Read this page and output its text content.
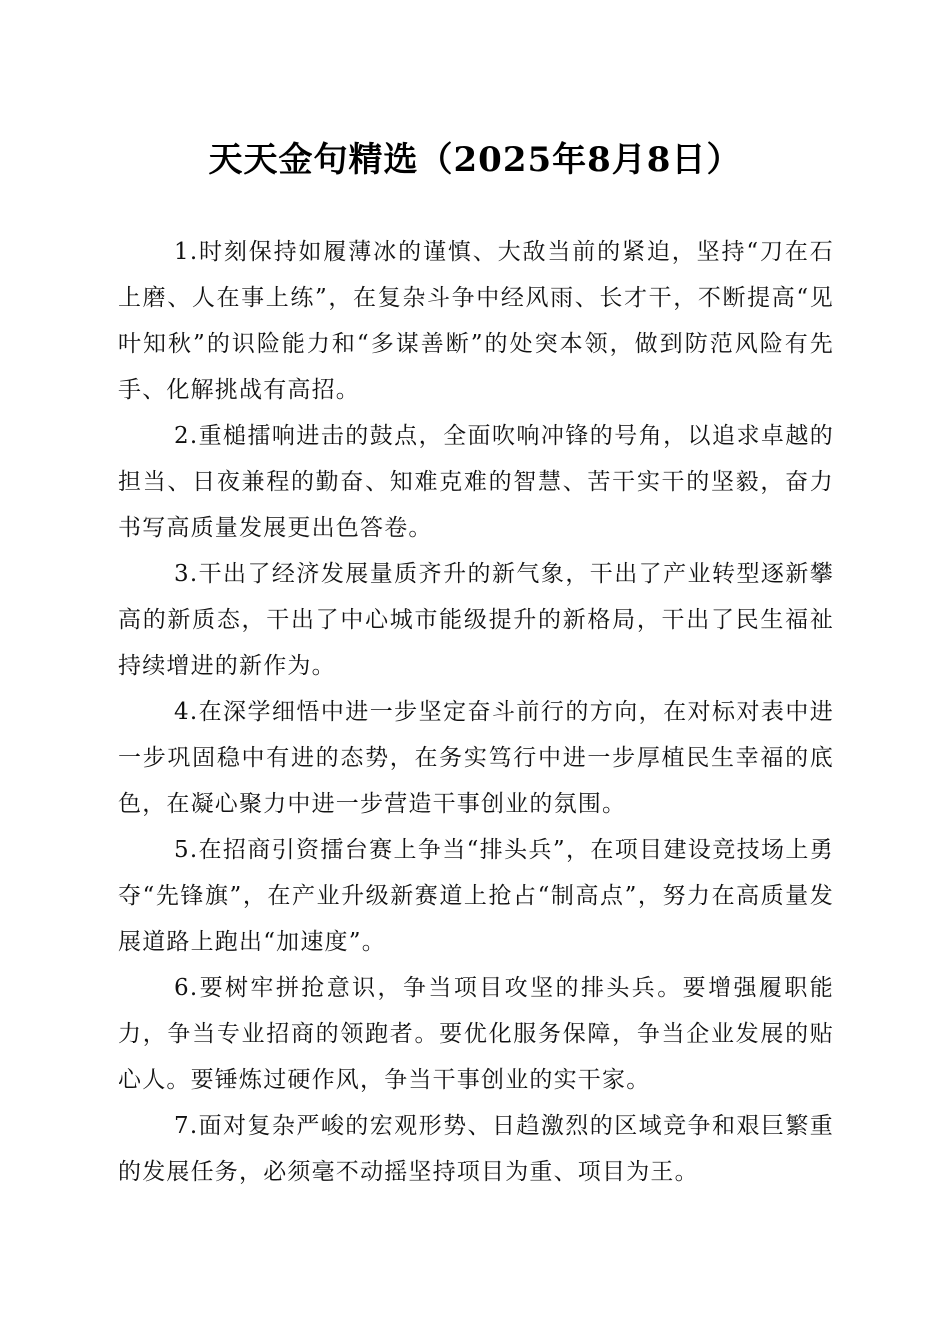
天天金句精选（2025年8月8日）

1.时刻保持如履薄冰的谨慎、大敌当前的紧迫，坚持“刀在石上磨、人在事上练”，在复杂斗争中经风雨、长才干，不断提高“见叶知秋”的识险能力和“多谋善断”的处突本领，做到防范风险有先手、化解挑战有高招。

2.重槌擂响进击的鼓点，全面吹响冲锋的号角，以追求卓越的担当、日夜兼程的勤奋、知难克难的智慧、苦干实干的坚毅，奋力书写高质量发展更出色答卷。

3.干出了经济发展量质齐升的新气象，干出了产业转型逐新攀高的新质态，干出了中心城市能级提升的新格局，干出了民生福祉持续增进的新作为。

4.在深学细悟中进一步坚定奋斗前行的方向，在对标对表中进一步巩固稳中有进的态势，在务实笃行中进一步厚植民生幸福的底色，在凝心聚力中进一步营造干事创业的氛围。

5.在招商引资擂台赛上争当“排头兵”，在项目建设竞技场上勇夺“先锋旗”，在产业升级新赛道上抢占“制高点”，努力在高质量发展道路上跑出“加速度”。

6.要树牢拼抢意识，争当项目攻坚的排头兵。要增强履职能力，争当专业招商的领跑者。要优化服务保障，争当企业发展的贴心人。要锤炼过硬作风，争当干事创业的实干家。

7.面对复杂严峻的宏观形势、日趋激烈的区域竞争和艰巨繁重的发展任务，必须毫不动摇坚持项目为重、项目为王。
